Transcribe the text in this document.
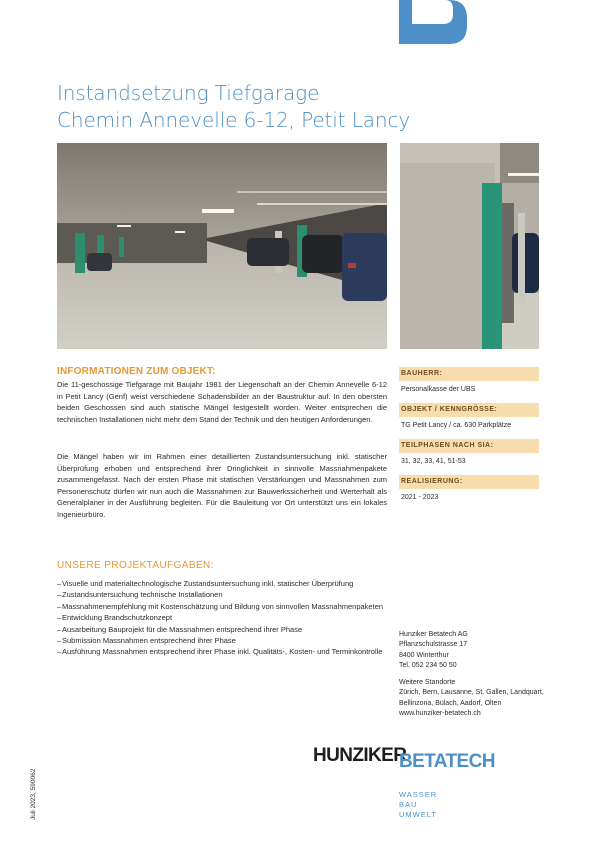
Instandsetzung Tiefgarage
Chemin Annevelle 6-12, Petit Lancy
INFORMATIONEN ZUM OBJEKT:

Die 11-geschossige Tiefgarage mit Baujahr 1981 der Liegenschaft an der Chemin Annevelle 6-12 in Petit Lancy (Genf) weist verschiedene Schadensbilder an der Baustruktur auf. In den obersten beiden Geschossen sind auch statische Mängel festgestellt worden. Weiter entsprechen die technischen Installationen nicht mehr dem Stand der Technik und den heutigen Anforderungen.

Die Mängel haben wir im Rahmen einer detaillierten Zustandsuntersuchung inkl. statischer Überprüfung erhoben und entsprechend ihrer Dringlichkeit in sinnvolle Massnahmenpakete zusammengefasst. Nach der ersten Phase mit statischen Verstärkungen und Massnahmen zum Personenschutz dürfen wir nun auch die Massnahmen zur Bauwerkssicherheit und Werterhalt als Generalplaner in der Ausführung begleiten. Für die Bauleitung vor Ort unterstützt uns ein lokales Ingenieurbüro.

UNSERE PROJEKTAUFGABEN:
– Visuelle und materialtechnologische Zustandsuntersuchung inkl. statischer Überprüfung
– Zustandsuntersuchung technische Installationen
– Massnahmenempfehlung mit Kostenschätzung und Bildung von sinnvollen Massnahmenpaketen
– Entwicklung Brandschutzkonzept
– Ausarbeitung Bauprojekt für die Massnahmen entsprechend ihrer Phase
– Submission Massnahmen entsprechend ihrer Phase
– Ausführung Massnahmen entsprechend ihrer Phase inkl. Qualitäts-, Kosten- und Terminkontrolle
BAUHERR:
Personalkasse der UBS
OBJEKT / KENNGRÖSSE:
TG Petit Lancy / ca. 630 Parkplätze
TEILPHASEN NACH SIA:
31, 32, 33, 41, 51-53
REALISIERUNG:
2021 - 2023
Hunziker Betatech AG
Pflanzschulstrasse 17
8400 Winterthur
Tel. 052 234 50 50
Weitere Standorte
Zürich, Bern, Lausanne, St. Gallen, Landquart,
Bellinzona, Bülach, Aadorf, Olten
www.hunziker-betatech.ch
HUNZIKER
BETATECH
WASSER
BAU
UMWELT
Juli 2023, 590062
